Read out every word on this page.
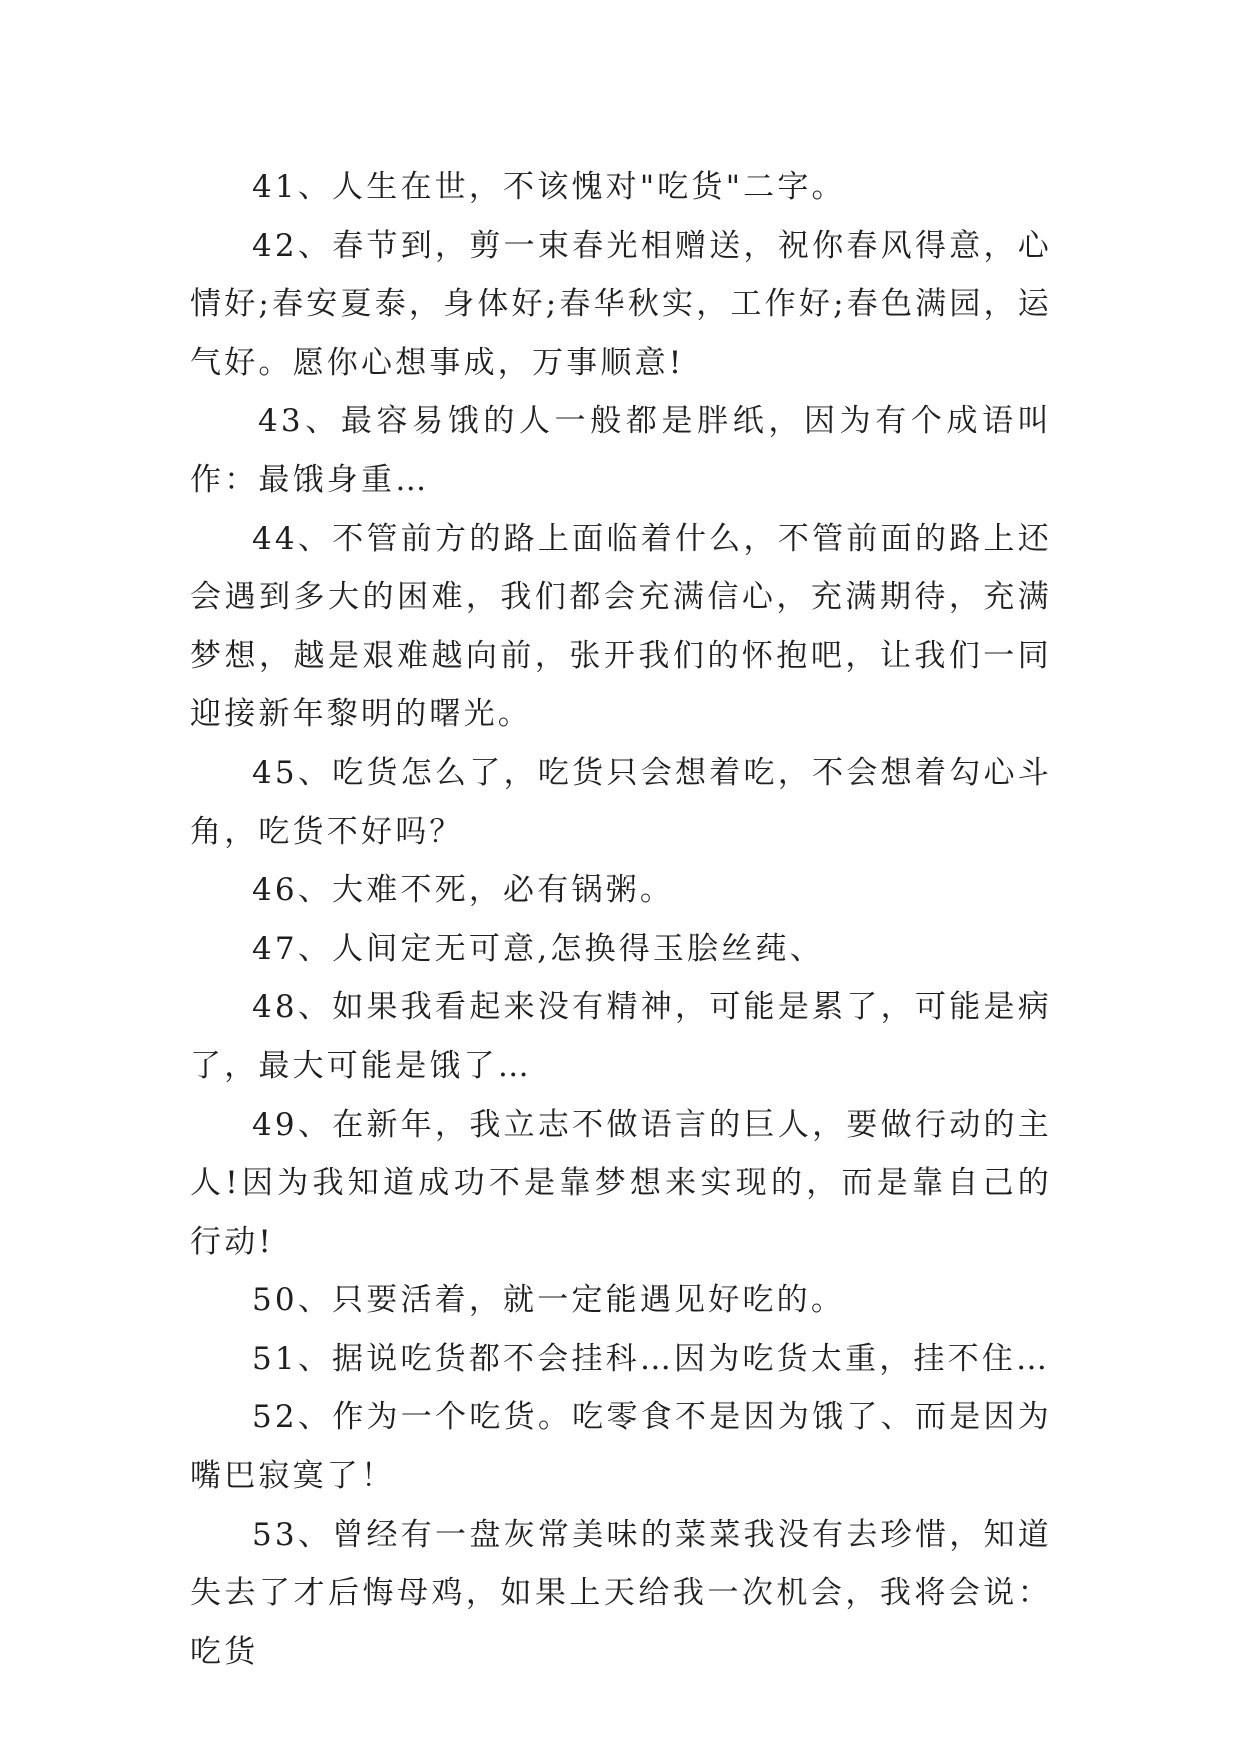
41、人生在世，不该愧对"吃货"二字。

42、春节到，剪一束春光相赠送，祝你春风得意，心情好;春安夏泰，身体好;春华秋实，工作好;春色满园，运气好。愿你心想事成，万事顺意!

43、最容易饿的人一般都是胖纸，因为有个成语叫作：最饿身重…

44、不管前方的路上面临着什么，不管前面的路上还会遇到多大的困难，我们都会充满信心，充满期待，充满梦想，越是艰难越向前，张开我们的怀抱吧，让我们一同迎接新年黎明的曙光。

45、吃货怎么了，吃货只会想着吃，不会想着勾心斗角，吃货不好吗？

46、大难不死，必有锅粥。

47、人间定无可意,怎换得玉脍丝莼、

48、如果我看起来没有精神，可能是累了，可能是病了，最大可能是饿了…

49、在新年，我立志不做语言的巨人，要做行动的主人!因为我知道成功不是靠梦想来实现的，而是靠自己的行动!

50、只要活着，就一定能遇见好吃的。

51、据说吃货都不会挂科…因为吃货太重，挂不住…

52、作为一个吃货。吃零食不是因为饿了、而是因为嘴巴寂寞了！

53、曾经有一盘灰常美味的菜菜我没有去珍惜，知道失去了才后悔母鸡，如果上天给我一次机会，我将会说：吃货
